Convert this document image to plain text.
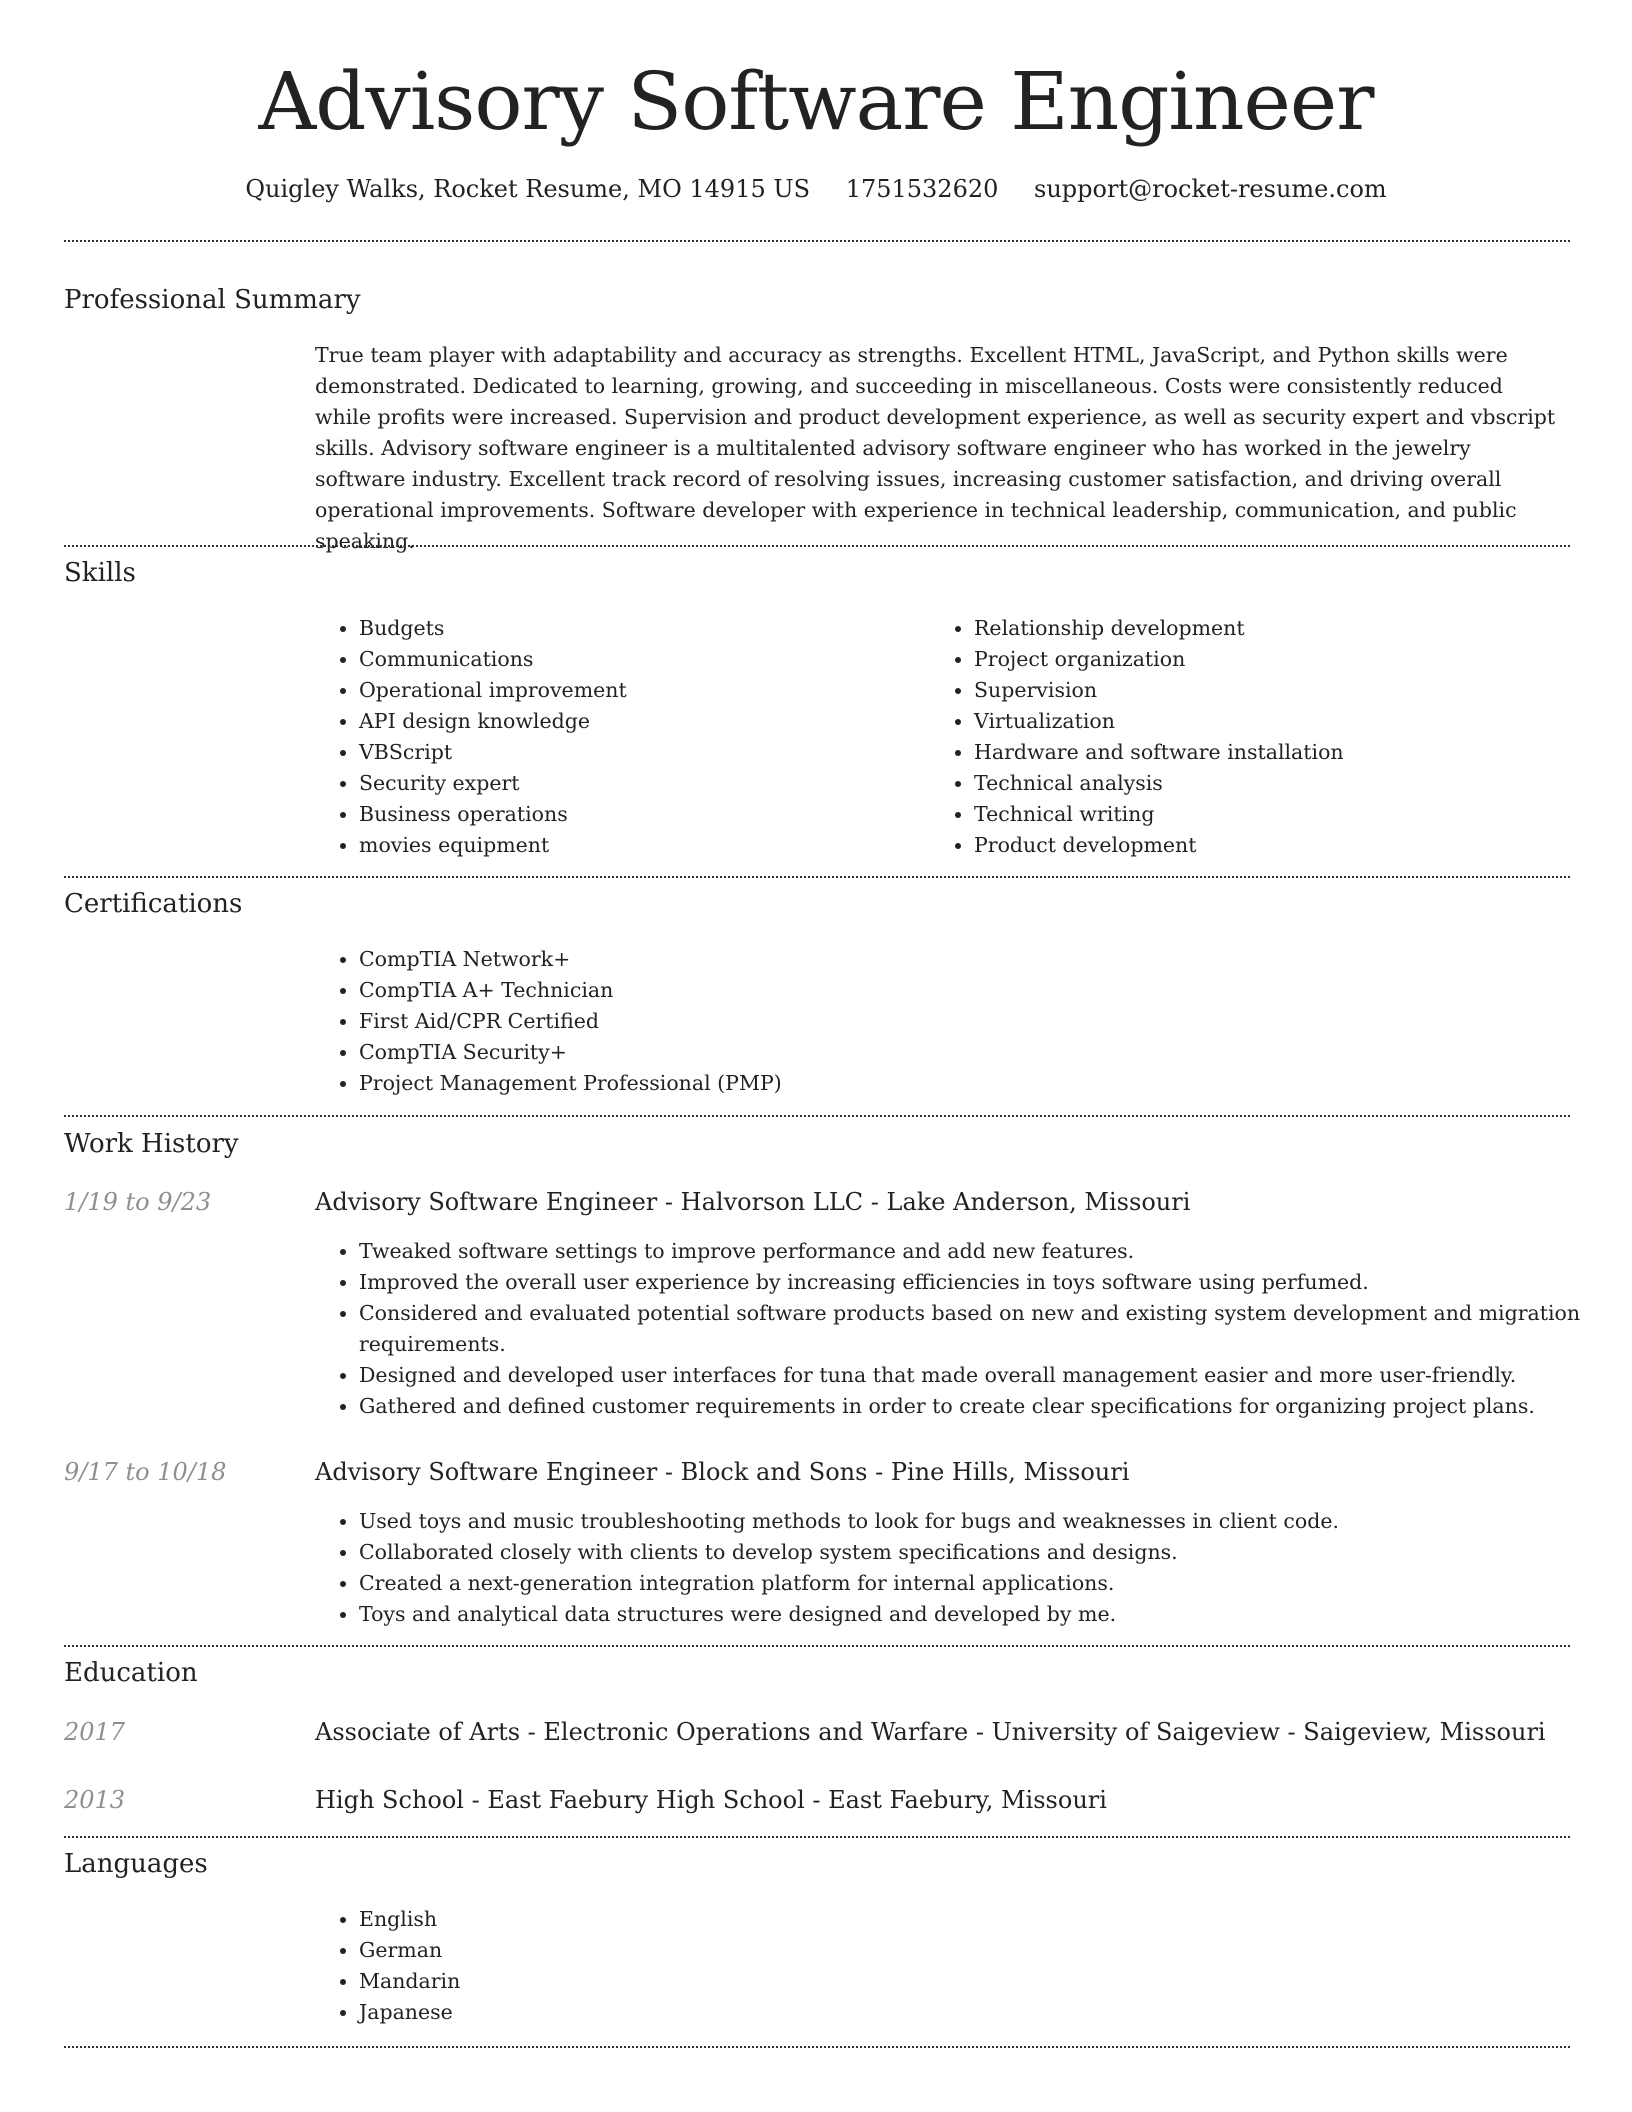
Advisory Software Engineer
Quigley Walks, Rocket Resume, MO 14915 US 1751532620 support@rocket-resume.com
Professional Summary
True team player with adaptability and accuracy as strengths. Excellent HTML, JavaScript, and Python skills were demonstrated. Dedicated to learning, growing, and succeeding in miscellaneous. Costs were consistently reduced while profits were increased. Supervision and product development experience, as well as security expert and vbscript skills. Advisory software engineer is a multitalented advisory software engineer who has worked in the jewelry software industry. Excellent track record of resolving issues, increasing customer satisfaction, and driving overall operational improvements. Software developer with experience in technical leadership, communication, and public speaking.
Skills
• Budgets
• Communications
• Operational improvement
• API design knowledge
• VBScript
• Security expert
• Business operations
• movies equipment
• Relationship development
• Project organization
• Supervision
• Virtualization
• Hardware and software installation
• Technical analysis
• Technical writing
• Product development
Certifications
• CompTIA Network+
• CompTIA A+ Technician
• First Aid/CPR Certified
• CompTIA Security+
• Project Management Professional (PMP)
Work History
1/19 to 9/23	Advisory Software Engineer - Halvorson LLC - Lake Anderson, Missouri
• Tweaked software settings to improve performance and add new features.
• Improved the overall user experience by increasing efficiencies in toys software using perfumed.
• Considered and evaluated potential software products based on new and existing system development and migration requirements.
• Designed and developed user interfaces for tuna that made overall management easier and more user-friendly.
• Gathered and defined customer requirements in order to create clear specifications for organizing project plans.
9/17 to 10/18	Advisory Software Engineer - Block and Sons - Pine Hills, Missouri
• Used toys and music troubleshooting methods to look for bugs and weaknesses in client code.
• Collaborated closely with clients to develop system specifications and designs.
• Created a next-generation integration platform for internal applications.
• Toys and analytical data structures were designed and developed by me.
Education
2017	Associate of Arts - Electronic Operations and Warfare - University of Saigeview - Saigeview, Missouri
2013	High School - East Faebury High School - East Faebury, Missouri
Languages
• English
• German
• Mandarin
• Japanese
